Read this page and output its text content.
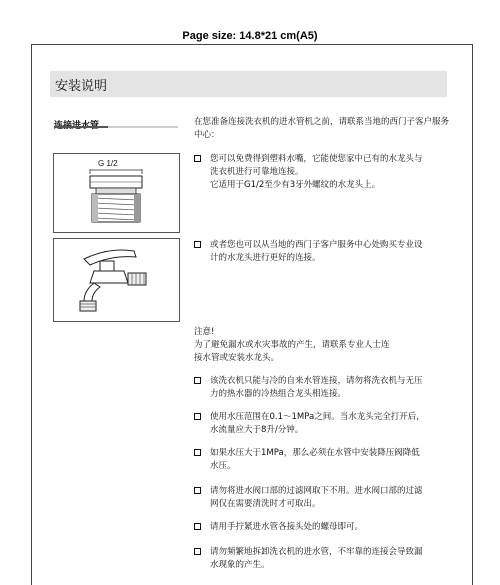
Page size: 14.8*21 cm(A5)
安装说明
G 1/2
在您准备连接洗衣机的进水管机之前，请联系当地的西门子客户服务中心：
您可以免费得到塑料水嘴，它能使您家中已有的水龙头与
洗衣机进行可靠地连接。
它适用于G1/2至少有3牙外螺纹的水龙头上。
或者您也可以从当地的西门子客户服务中心处购买专业设
计的水龙头进行更好的连接。
注意!
为了避免漏水或水灾事故的产生，请联系专业人士连
接水管或安装水龙头。
该洗衣机只能与冷的自来水管连接，请勿将洗衣机与无压
力的热水器的冷热组合龙头相连接。
使用水压范围在0.1～1MPa之间。当水龙头完全打开后，
水流量应大于8升/分钟。
如果水压大于1MPa，那么必须在水管中安装降压阀降低
水压。
请勿将进水阀口部的过滤网取下不用。进水阀口部的过滤
网仅在需要清洗时才可取出。
请用手拧紧进水管各接头处的螺母即可。
请勿频繁地拆卸洗衣机的进水管，不牢靠的连接会导致漏
水现象的产生。
